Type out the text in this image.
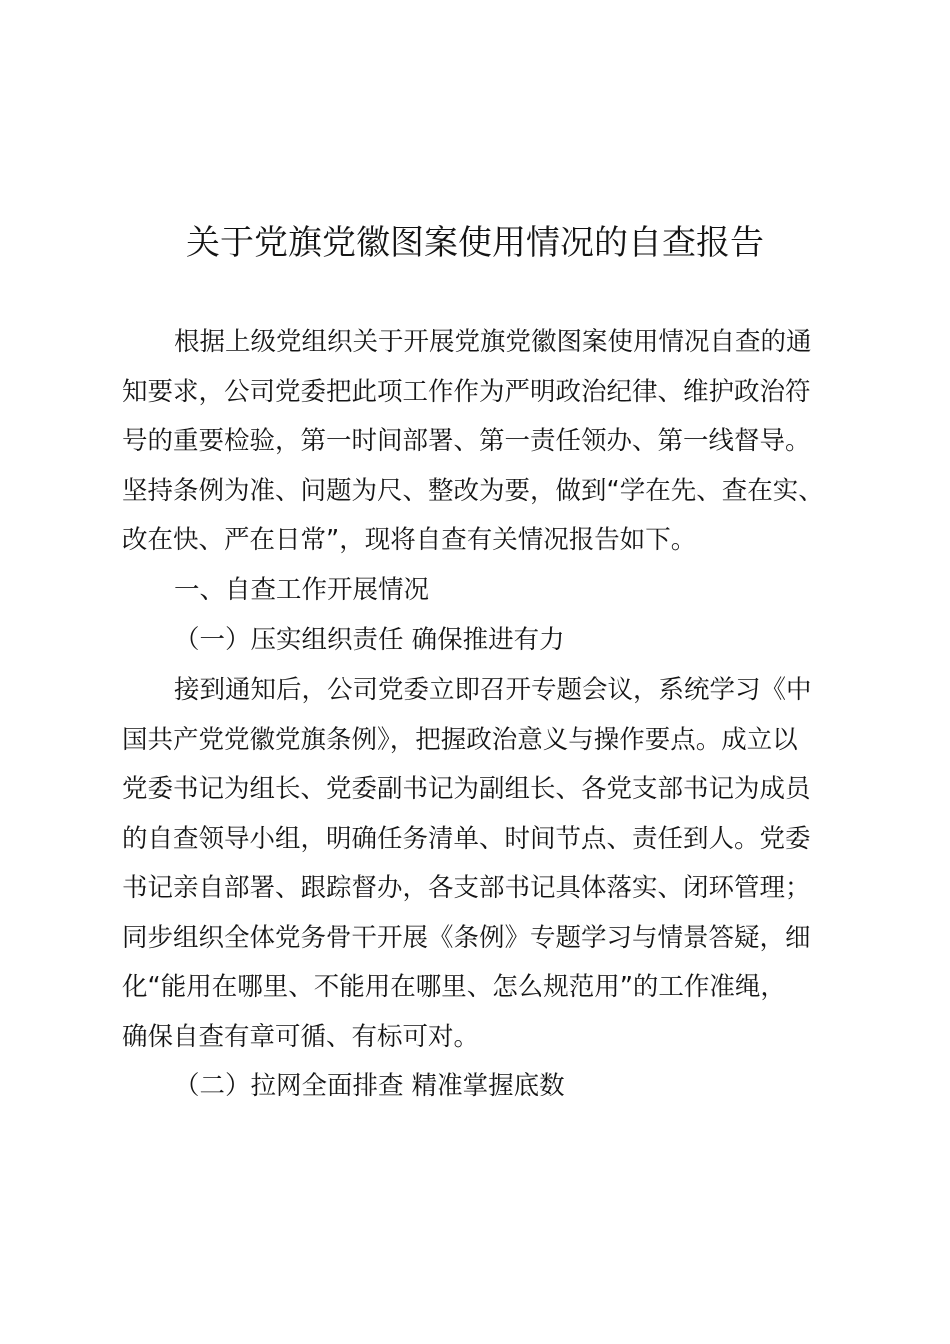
关于党旗党徽图案使用情况的自查报告
根据上级党组织关于开展党旗党徽图案使用情况自查的通
知要求，公司党委把此项工作作为严明政治纪律、维护政治符
号的重要检验，第一时间部署、第一责任领办、第一线督导。
坚持条例为准、问题为尺、整改为要，做到“学在先、查在实、
改在快、严在日常”，现将自查有关情况报告如下。
一、自查工作开展情况
（一）压实组织责任 确保推进有力
接到通知后，公司党委立即召开专题会议，系统学习《中
国共产党党徽党旗条例》，把握政治意义与操作要点。成立以
党委书记为组长、党委副书记为副组长、各党支部书记为成员
的自查领导小组，明确任务清单、时间节点、责任到人。党委
书记亲自部署、跟踪督办，各支部书记具体落实、闭环管理；
同步组织全体党务骨干开展《条例》专题学习与情景答疑，细
化“能用在哪里、不能用在哪里、怎么规范用”的工作准绳，
确保自查有章可循、有标可对。
（二）拉网全面排查 精准掌握底数
